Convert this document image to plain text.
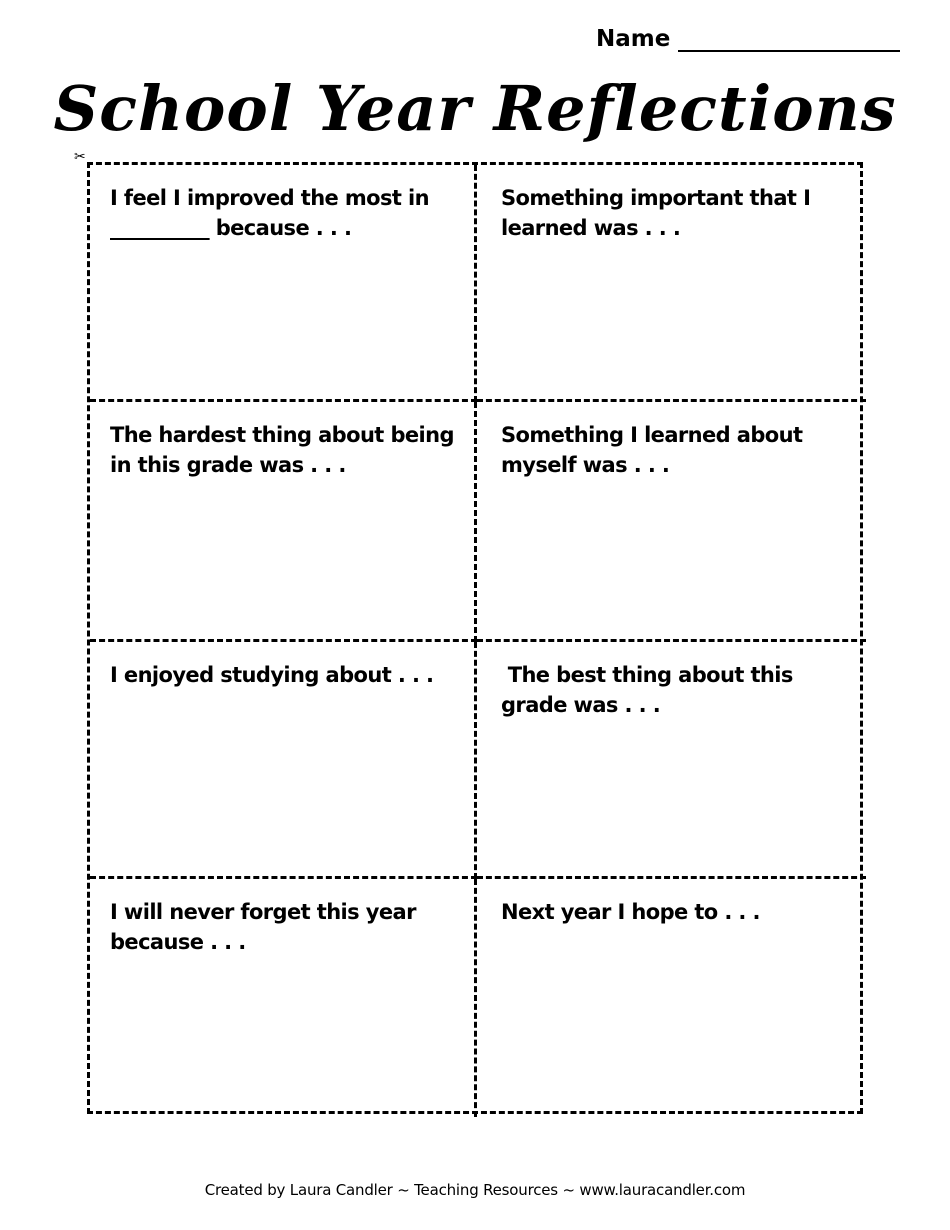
Name
School Year Reflections
✂
I feel I improved the most in __________ because . . .
Something important that I learned was . . .
The hardest thing about being in this grade was . . .
Something I learned about myself was . . .
I enjoyed studying about . . .	The best thing about this grade was . . .
I will never forget this year because . . .
Next year I hope to . . .
Created by Laura Candler ~ Teaching Resources ~ www.lauracandler.com
